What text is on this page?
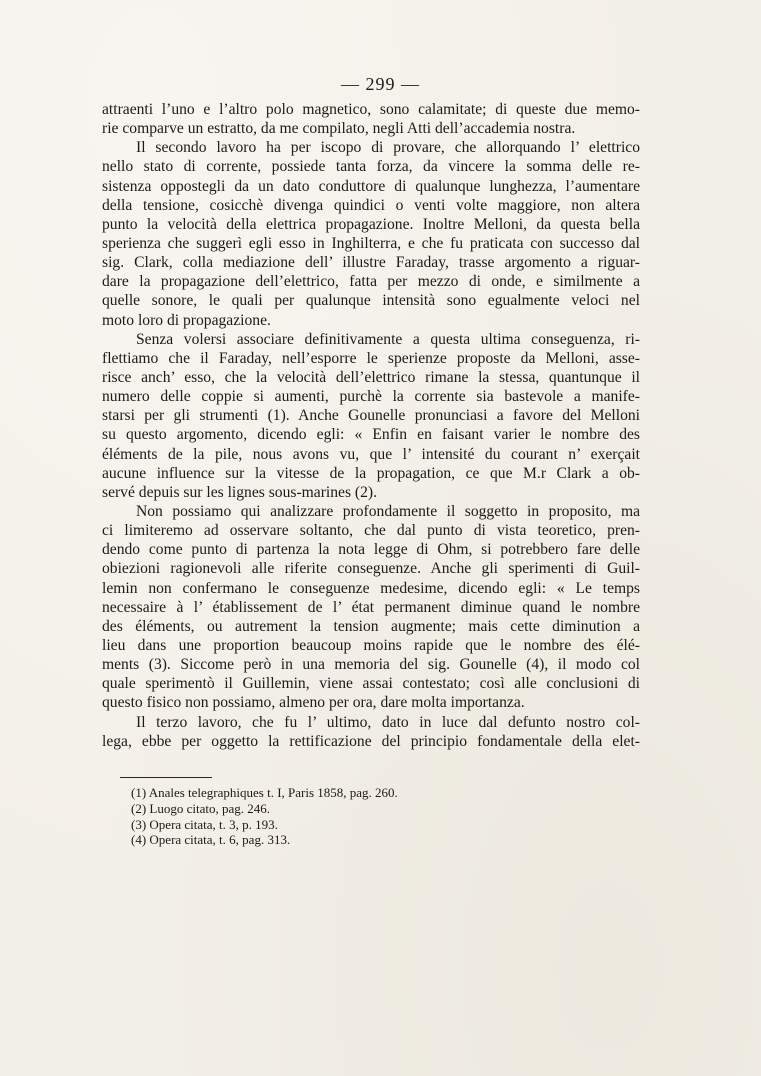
— 299 —
attraenti l’uno e l’altro polo magnetico, sono calamitate; di queste due memo-
rie comparve un estratto, da me compilato, negli Atti dell’accademia nostra.
Il secondo lavoro ha per iscopo di provare, che allorquando l’ elettrico
nello stato di corrente, possiede tanta forza, da vincere la somma delle re-
sistenza oppostegli da un dato conduttore di qualunque lunghezza, l’aumentare
della tensione, cosicchè divenga quindici o venti volte maggiore, non altera
punto la velocità della elettrica propagazione. Inoltre Melloni, da questa bella
sperienza che suggerì egli esso in Inghilterra, e che fu praticata con successo dal
sig. Clark, colla mediazione dell’ illustre Faraday, trasse argomento a riguar-
dare la propagazione dell’elettrico, fatta per mezzo di onde, e similmente a
quelle sonore, le quali per qualunque intensità sono egualmente veloci nel
moto loro di propagazione.
Senza volersi associare definitivamente a questa ultima conseguenza, ri-
flettiamo che il Faraday, nell’esporre le sperienze proposte da Melloni, asse-
risce anch’ esso, che la velocità dell’elettrico rimane la stessa, quantunque il
numero delle coppie si aumenti, purchè la corrente sia bastevole a manife-
starsi per gli strumenti (1). Anche Gounelle pronunciasi a favore del Melloni
su questo argomento, dicendo egli: « Enfin en faisant varier le nombre des
éléments de la pile, nous avons vu, que l’ intensité du courant n’ exerçait
aucune influence sur la vitesse de la propagation, ce que M.r Clark a ob-
servé depuis sur les lignes sous-marines (2).
Non possiamo qui analizzare profondamente il soggetto in proposito, ma
ci limiteremo ad osservare soltanto, che dal punto di vista teoretico, pren-
dendo come punto di partenza la nota legge di Ohm, si potrebbero fare delle
obiezioni ragionevoli alle riferite conseguenze. Anche gli sperimenti di Guil-
lemin non confermano le conseguenze medesime, dicendo egli: « Le temps
necessaire à l’ établissement de l’ état permanent diminue quand le nombre
des éléments, ou autrement la tension augmente; mais cette diminution a
lieu dans une proportion beaucoup moins rapide que le nombre des élé-
ments (3). Siccome però in una memoria del sig. Gounelle (4), il modo col
quale sperimentò il Guillemin, viene assai contestato; così alle conclusioni di
questo fisico non possiamo, almeno per ora, dare molta importanza.
Il terzo lavoro, che fu l’ ultimo, dato in luce dal defunto nostro col-
lega, ebbe per oggetto la rettificazione del principio fondamentale della elet-
(1) Anales telegraphiques t. I, Paris 1858, pag. 260.
(2) Luogo citato, pag. 246.
(3) Opera citata, t. 3, p. 193.
(4) Opera citata, t. 6, pag. 313.
